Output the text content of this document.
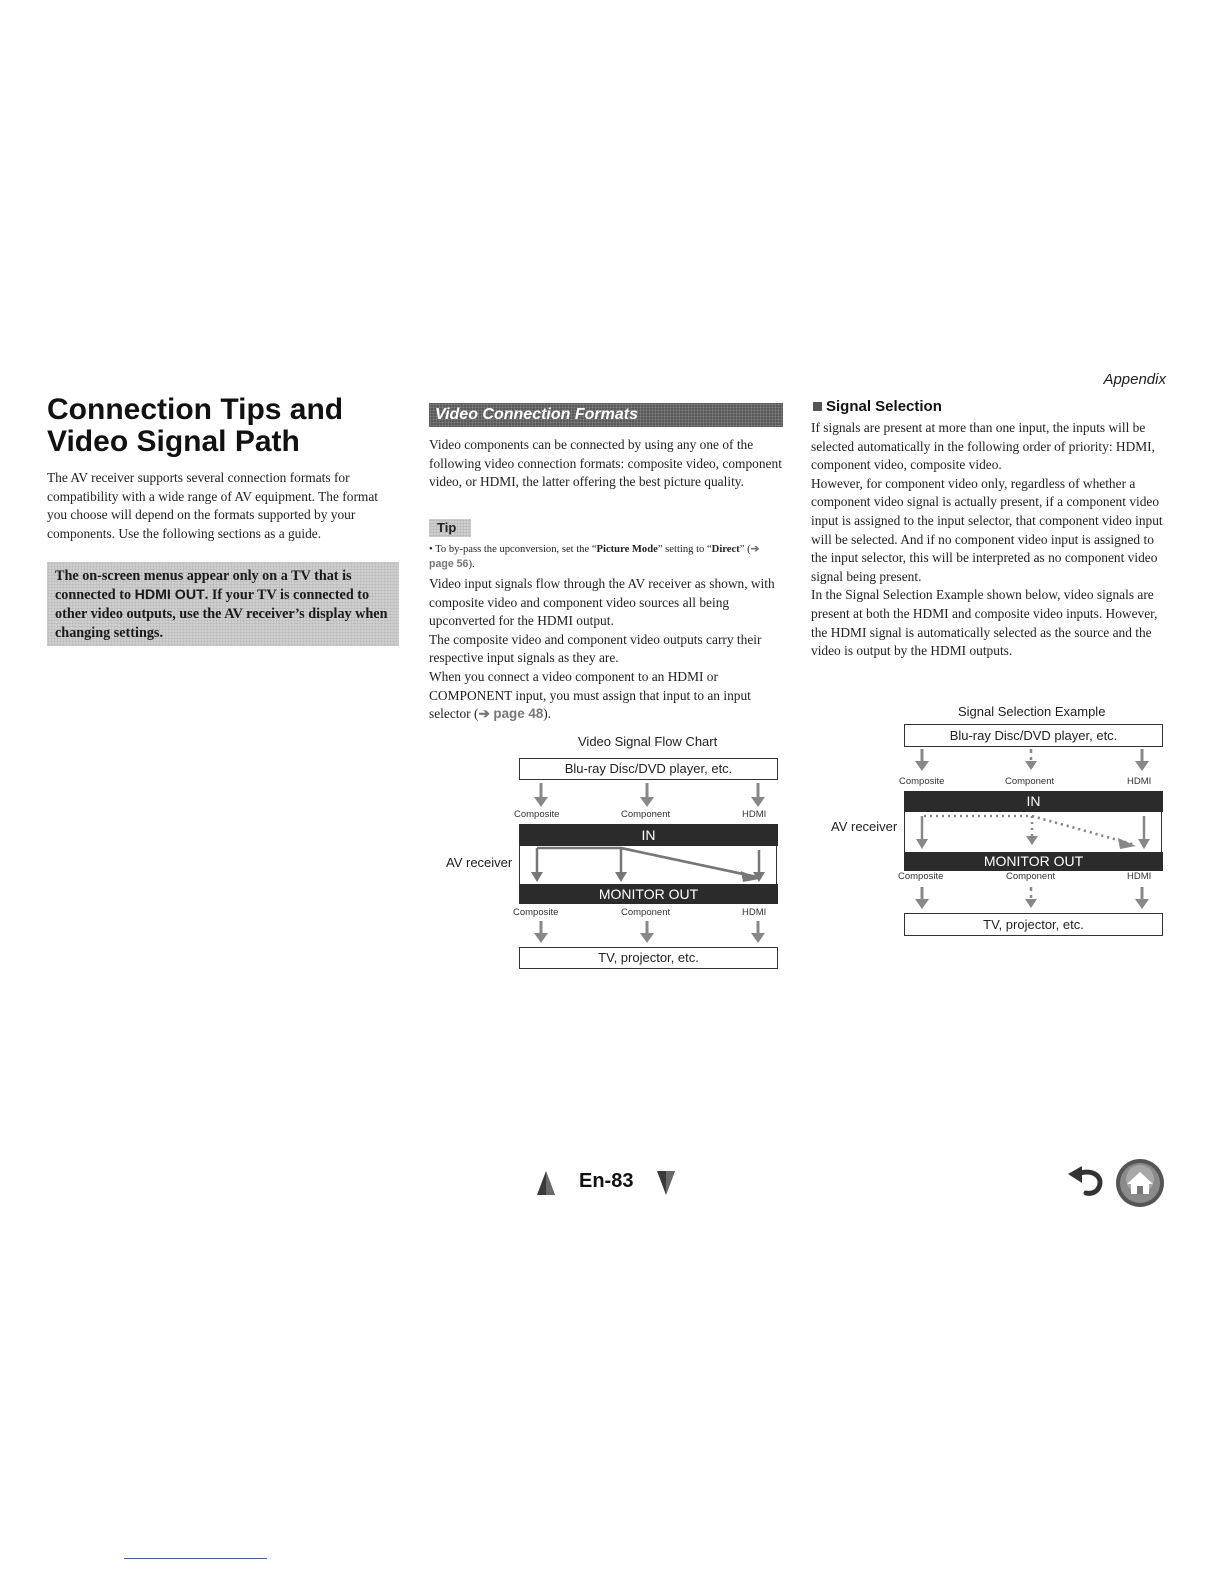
Appendix
Connection Tips and
Video Signal Path

The AV receiver supports several connection formats for compatibility with a wide range of AV equipment. The format you choose will depend on the formats supported by your components. Use the following sections as a guide.

The on-screen menus appear only on a TV that is connected to HDMI OUT. If your TV is connected to other video outputs, use the AV receiver’s display when changing settings.
Video Connection Formats

Video components can be connected by using any one of the following video connection formats: composite video, component video, or HDMI, the latter offering the best picture quality.

Tip

• To by-pass the upconversion, set the “Picture Mode” setting to “Direct” (➔ page 56).

Video input signals flow through the AV receiver as shown, with composite video and component video sources all being upconverted for the HDMI output.

The composite video and component video outputs carry their respective input signals as they are.

When you connect a video component to an HDMI or COMPONENT input, you must assign that input to an input selector (➔ page 48).

Video Signal Flow Chart
Blu-ray Disc/DVD player, etc.
Composite	Component	HDMI
IN
AV receiver
MONITOR OUT
Composite	Component	HDMI
TV, projector, etc.
Signal Selection

If signals are present at more than one input, the inputs will be selected automatically in the following order of priority: HDMI, component video, composite video.

However, for component video only, regardless of whether a component video signal is actually present, if a component video input is assigned to the input selector, that component video input will be selected. And if no component video input is assigned to the input selector, this will be interpreted as no component video signal being present.

In the Signal Selection Example shown below, video signals are present at both the HDMI and composite video inputs. However, the HDMI signal is automatically selected as the source and the video is output by the HDMI outputs.

Signal Selection Example
Blu-ray Disc/DVD player, etc.
Composite	Component	HDMI
IN
AV receiver
MONITOR OUT
Composite	Component	HDMI
TV, projector, etc.
En-83
